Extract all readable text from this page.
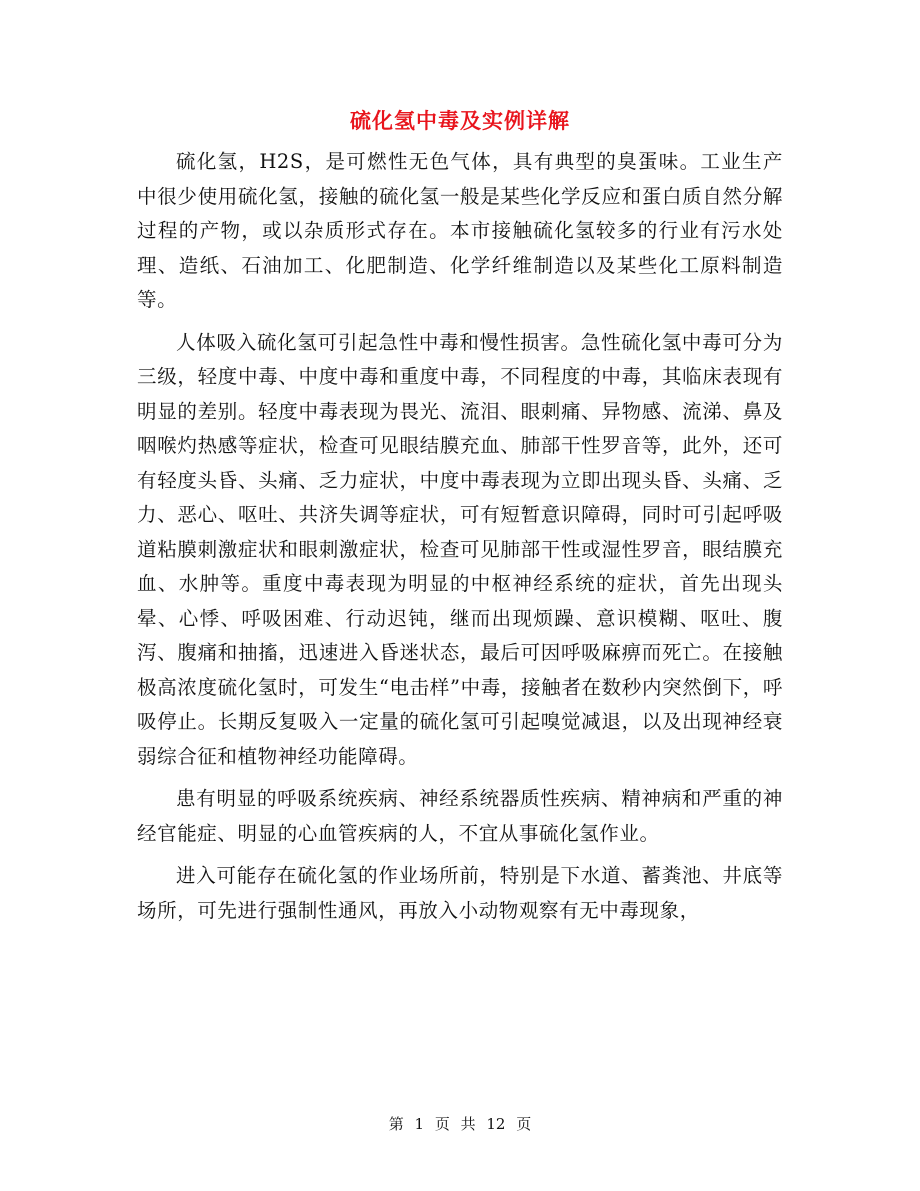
硫化氢中毒及实例详解

硫化氢，H2S，是可燃性无色气体，具有典型的臭蛋味。工业生产中很少使用硫化氢，接触的硫化氢一般是某些化学反应和蛋白质自然分解过程的产物，或以杂质形式存在。本市接触硫化氢较多的行业有污水处理、造纸、石油加工、化肥制造、化学纤维制造以及某些化工原料制造等。

人体吸入硫化氢可引起急性中毒和慢性损害。急性硫化氢中毒可分为三级，轻度中毒、中度中毒和重度中毒，不同程度的中毒，其临床表现有明显的差别。轻度中毒表现为畏光、流泪、眼刺痛、异物感、流涕、鼻及咽喉灼热感等症状，检查可见眼结膜充血、肺部干性罗音等，此外，还可有轻度头昏、头痛、乏力症状，中度中毒表现为立即出现头昏、头痛、乏力、恶心、呕吐、共济失调等症状，可有短暂意识障碍，同时可引起呼吸道粘膜刺激症状和眼刺激症状，检查可见肺部干性或湿性罗音，眼结膜充血、水肿等。重度中毒表现为明显的中枢神经系统的症状，首先出现头晕、心悸、呼吸困难、行动迟钝，继而出现烦躁、意识模糊、呕吐、腹泻、腹痛和抽搐，迅速进入昏迷状态，最后可因呼吸麻痹而死亡。在接触极高浓度硫化氢时，可发生“电击样”中毒，接触者在数秒内突然倒下，呼吸停止。长期反复吸入一定量的硫化氢可引起嗅觉减退，以及出现神经衰弱综合征和植物神经功能障碍。

患有明显的呼吸系统疾病、神经系统器质性疾病、精神病和严重的神经官能症、明显的心血管疾病的人，不宜从事硫化氢作业。

进入可能存在硫化氢的作业场所前，特别是下水道、蓄粪池、井底等场所，可先进行强制性通风，再放入小动物观察有无中毒现象，

第 1 页 共 12 页
